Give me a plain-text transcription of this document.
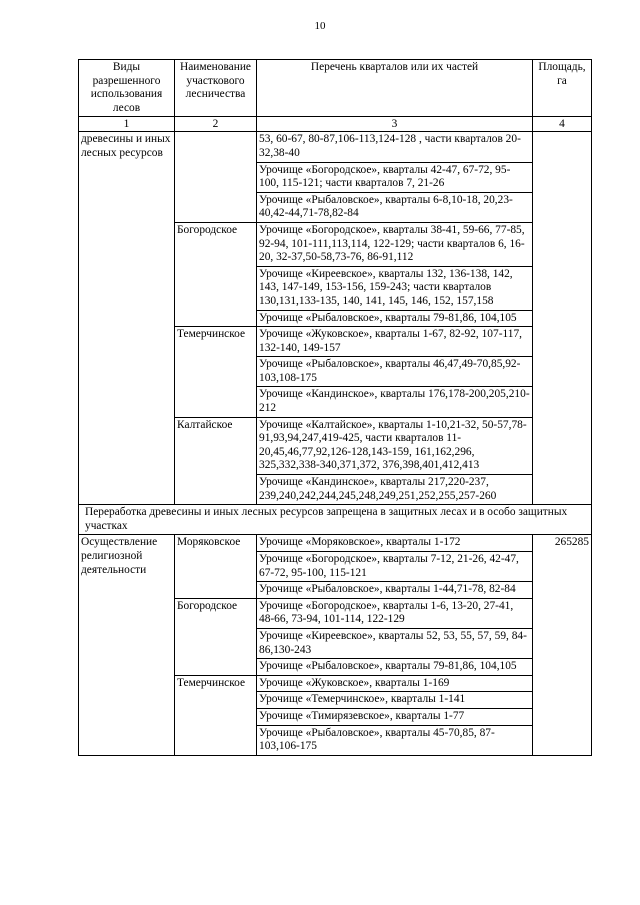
10
Виды разрешенного использования лесов	Наименование участкового лесничества	Перечень кварталов или их частей	Площадь, га
1	2	3	4
древесины и иных лесных ресурсов		53, 60-67, 80-87,106-113,124-128 , части кварталов 20-32,38-40	
		Урочище «Богородское», кварталы 42-47, 67-72, 95-100, 115-121; части кварталов 7, 21-26	
		Урочище «Рыбаловское», кварталы 6-8,10-18, 20,23-40,42-44,71-78,82-84	
	Богородское	Урочище «Богородское», кварталы 38-41, 59-66, 77-85, 92-94, 101-111,113,114, 122-129; части кварталов 6, 16-20, 32-37,50-58,73-76, 86-91,112	
		Урочище «Киреевское», кварталы 132, 136-138, 142, 143, 147-149, 153-156, 159-243; части кварталов 130,131,133-135, 140, 141, 145, 146, 152, 157,158	
		Урочище «Рыбаловское», кварталы 79-81,86, 104,105	
	Темерчинское	Урочище «Жуковское», кварталы 1-67, 82-92, 107-117, 132-140, 149-157	
		Урочище «Рыбаловское», кварталы 46,47,49-70,85,92-103,108-175	
		Урочище «Кандинское», кварталы 176,178-200,205,210-212	
	Калтайское	Урочище «Калтайское», кварталы 1-10,21-32, 50-57,78-91,93,94,247,419-425, части кварталов 11-20,45,46,77,92,126-128,143-159, 161,162,296, 325,332,338-340,371,372, 376,398,401,412,413	
		Урочище «Кандинское», кварталы 217,220-237, 239,240,242,244,245,248,249,251,252,255,257-260	
Переработка древесины и иных лесных ресурсов запрещена в защитных лесах и в особо защитных участках			
Осуществление религиозной деятельности	Моряковское	Урочище «Моряковское», кварталы 1-172	265285
		Урочище «Богородское», кварталы 7-12, 21-26, 42-47, 67-72, 95-100, 115-121	
		Урочище «Рыбаловское», кварталы 1-44,71-78, 82-84	
	Богородское	Урочище «Богородское», кварталы 1-6, 13-20, 27-41, 48-66, 73-94, 101-114, 122-129	
		Урочище «Киреевское», кварталы 52, 53, 55, 57, 59, 84-86,130-243	
		Урочище «Рыбаловское», кварталы 79-81,86, 104,105	
	Темерчинское	Урочище «Жуковское», кварталы 1-169	
		Урочище «Темерчинское», кварталы 1-141	
		Урочище «Тимирязевское», кварталы 1-77	
		Урочище «Рыбаловское», кварталы 45-70,85, 87-103,106-175	
